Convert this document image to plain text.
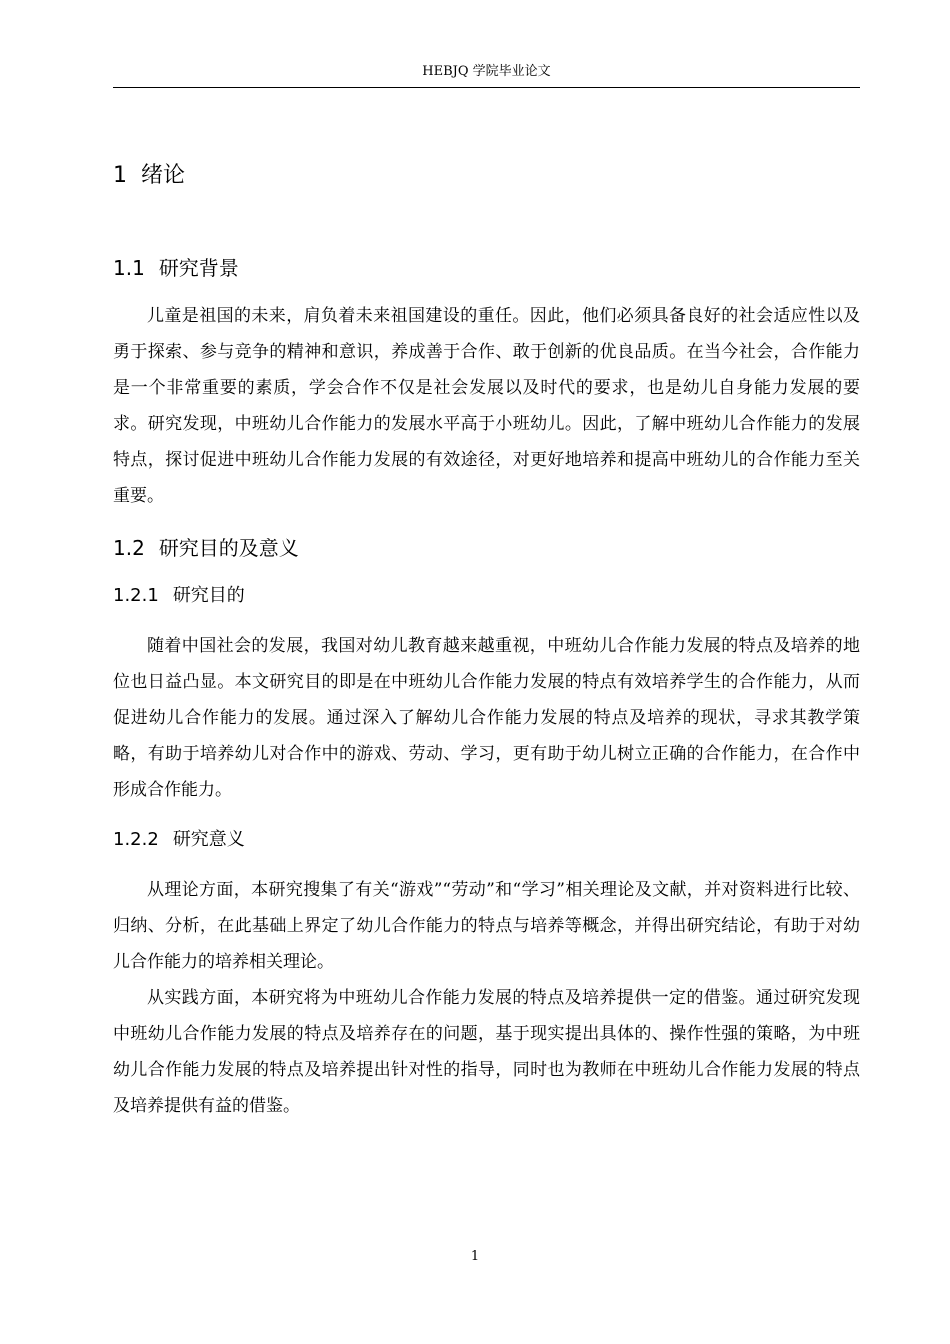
HEBJQ 学院毕业论文
1 绪论
1.1 研究背景

儿童是祖国的未来，肩负着未来祖国建设的重任。因此，他们必须具备良好的社会适应性以及勇于探索、参与竞争的精神和意识，养成善于合作、敢于创新的优良品质。在当今社会，合作能力是一个非常重要的素质，学会合作不仅是社会发展以及时代的要求，也是幼儿自身能力发展的要求。研究发现，中班幼儿合作能力的发展水平高于小班幼儿。因此，了解中班幼儿合作能力的发展特点，探讨促进中班幼儿合作能力发展的有效途径，对更好地培养和提高中班幼儿的合作能力至关重要。

1.2 研究目的及意义
1.2.1 研究目的

随着中国社会的发展，我国对幼儿教育越来越重视，中班幼儿合作能力发展的特点及培养的地位也日益凸显。本文研究目的即是在中班幼儿合作能力发展的特点有效培养学生的合作能力，从而促进幼儿合作能力的发展。通过深入了解幼儿合作能力发展的特点及培养的现状，寻求其教学策略，有助于培养幼儿对合作中的游戏、劳动、学习，更有助于幼儿树立正确的合作能力，在合作中形成合作能力。

1.2.2 研究意义

从理论方面，本研究搜集了有关“游戏”“劳动”和“学习”相关理论及文献，并对资料进行比较、归纳、分析，在此基础上界定了幼儿合作能力的特点与培养等概念，并得出研究结论，有助于对幼儿合作能力的培养相关理论。

从实践方面，本研究将为中班幼儿合作能力发展的特点及培养提供一定的借鉴。通过研究发现中班幼儿合作能力发展的特点及培养存在的问题，基于现实提出具体的、操作性强的策略，为中班幼儿合作能力发展的特点及培养提出针对性的指导，同时也为教师在中班幼儿合作能力发展的特点及培养提供有益的借鉴。

1
